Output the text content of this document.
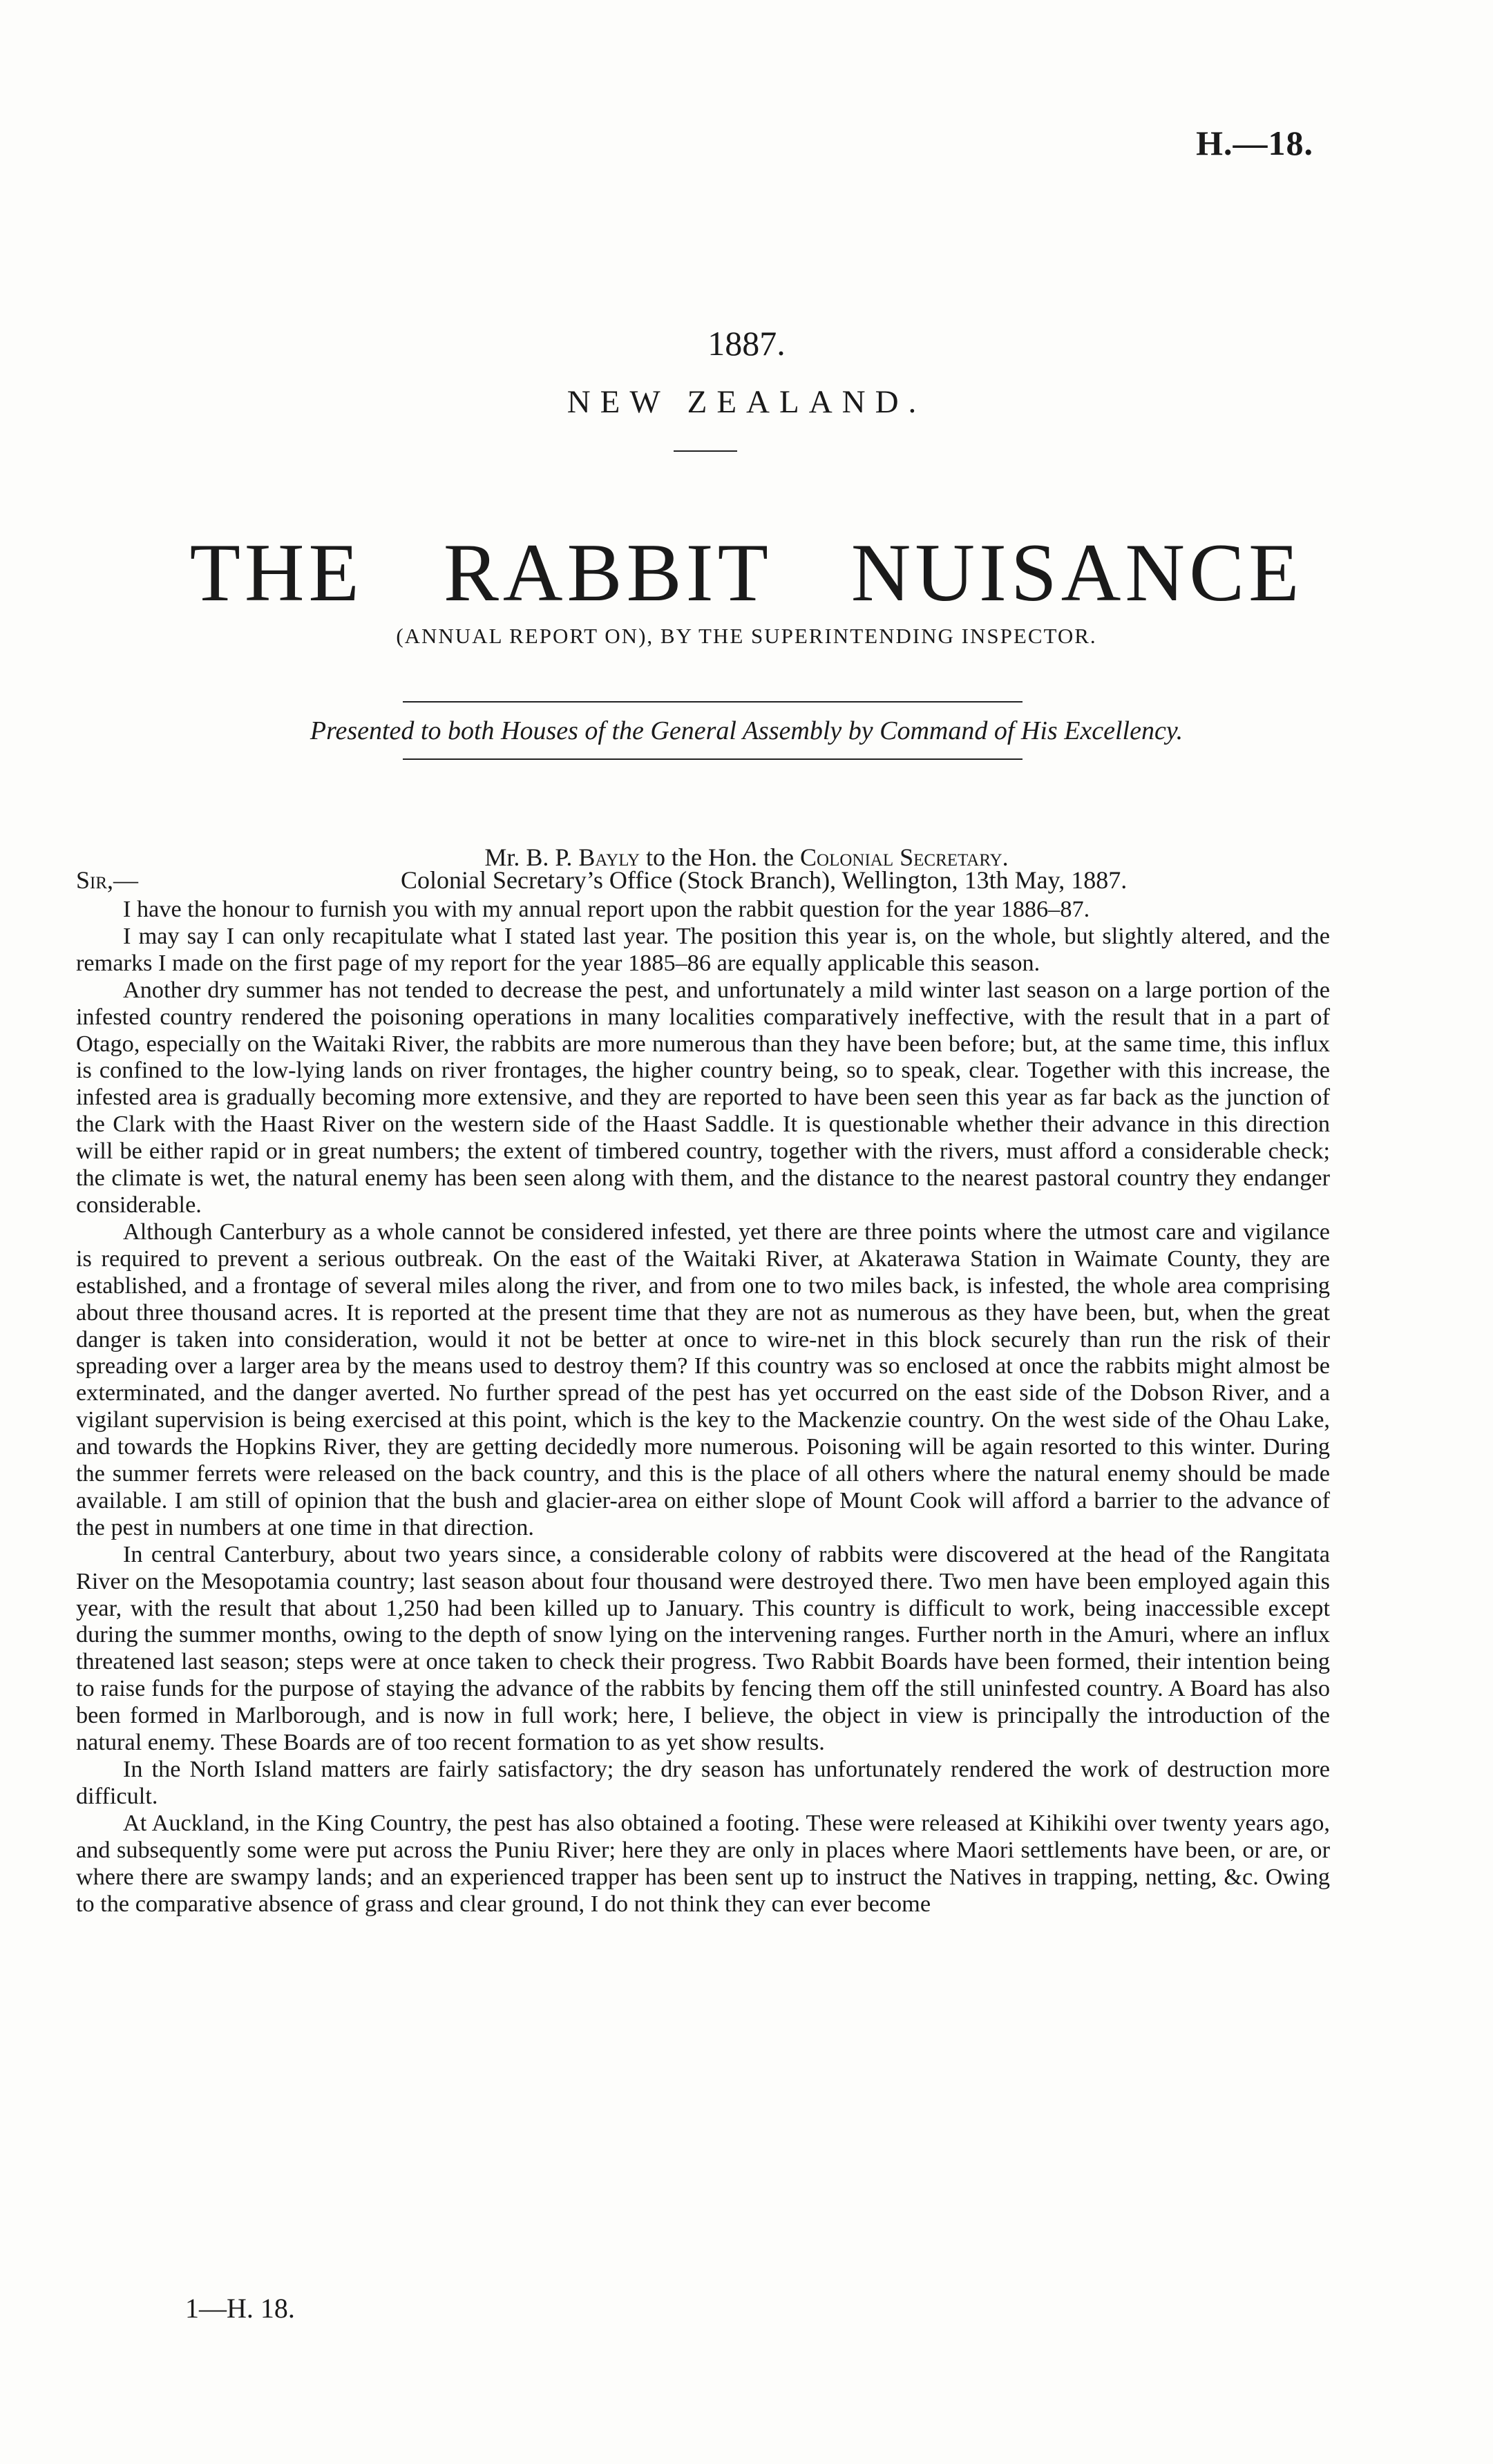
H.—18.
1887.
NEW ZEALAND.
THE RABBIT NUISANCE
(ANNUAL REPORT ON), BY THE SUPERINTENDING INSPECTOR.
Presented to both Houses of the General Assembly by Command of His Excellency.
Mr. B. P. Bayly to the Hon. the Colonial Secretary.
Sir,—	Colonial Secretary’s Office (Stock Branch), Wellington, 13th May, 1887.

I have the honour to furnish you with my annual report upon the rabbit question for the year 1886–87.

I may say I can only recapitulate what I stated last year. The position this year is, on the whole, but slightly altered, and the remarks I made on the first page of my report for the year 1885–86 are equally applicable this season.

Another dry summer has not tended to decrease the pest, and unfortunately a mild winter last season on a large portion of the infested country rendered the poisoning operations in many localities comparatively ineffective, with the result that in a part of Otago, especially on the Waitaki River, the rabbits are more numerous than they have been before; but, at the same time, this influx is confined to the low-lying lands on river frontages, the higher country being, so to speak, clear. Together with this increase, the infested area is gradually becoming more extensive, and they are reported to have been seen this year as far back as the junction of the Clark with the Haast River on the western side of the Haast Saddle. It is questionable whether their advance in this direction will be either rapid or in great numbers; the extent of timbered country, together with the rivers, must afford a considerable check; the climate is wet, the natural enemy has been seen along with them, and the distance to the nearest pastoral country they endanger considerable.

Although Canterbury as a whole cannot be considered infested, yet there are three points where the utmost care and vigilance is required to prevent a serious outbreak. On the east of the Waitaki River, at Akaterawa Station in Waimate County, they are established, and a frontage of several miles along the river, and from one to two miles back, is infested, the whole area comprising about three thousand acres. It is reported at the present time that they are not as numerous as they have been, but, when the great danger is taken into consideration, would it not be better at once to wire-net in this block securely than run the risk of their spreading over a larger area by the means used to destroy them? If this country was so enclosed at once the rabbits might almost be exterminated, and the danger averted. No further spread of the pest has yet occurred on the east side of the Dobson River, and a vigilant supervision is being exercised at this point, which is the key to the Mackenzie country. On the west side of the Ohau Lake, and towards the Hopkins River, they are getting decidedly more numerous. Poisoning will be again resorted to this winter. During the summer ferrets were released on the back country, and this is the place of all others where the natural enemy should be made available. I am still of opinion that the bush and glacier-area on either slope of Mount Cook will afford a barrier to the advance of the pest in numbers at one time in that direction.

In central Canterbury, about two years since, a considerable colony of rabbits were discovered at the head of the Rangitata River on the Mesopotamia country; last season about four thousand were destroyed there. Two men have been employed again this year, with the result that about 1,250 had been killed up to January. This country is difficult to work, being inaccessible except during the summer months, owing to the depth of snow lying on the intervening ranges. Further north in the Amuri, where an influx threatened last season; steps were at once taken to check their progress. Two Rabbit Boards have been formed, their intention being to raise funds for the purpose of staying the advance of the rabbits by fencing them off the still uninfested country. A Board has also been formed in Marlborough, and is now in full work; here, I believe, the object in view is principally the introduction of the natural enemy. These Boards are of too recent formation to as yet show results.

In the North Island matters are fairly satisfactory; the dry season has unfortunately rendered the work of destruction more difficult.

At Auckland, in the King Country, the pest has also obtained a footing. These were released at Kihikihi over twenty years ago, and subsequently some were put across the Puniu River; here they are only in places where Maori settlements have been, or are, or where there are swampy lands; and an experienced trapper has been sent up to instruct the Natives in trapping, netting, &c. Owing to the comparative absence of grass and clear ground, I do not think they can ever become

1—H. 18.
